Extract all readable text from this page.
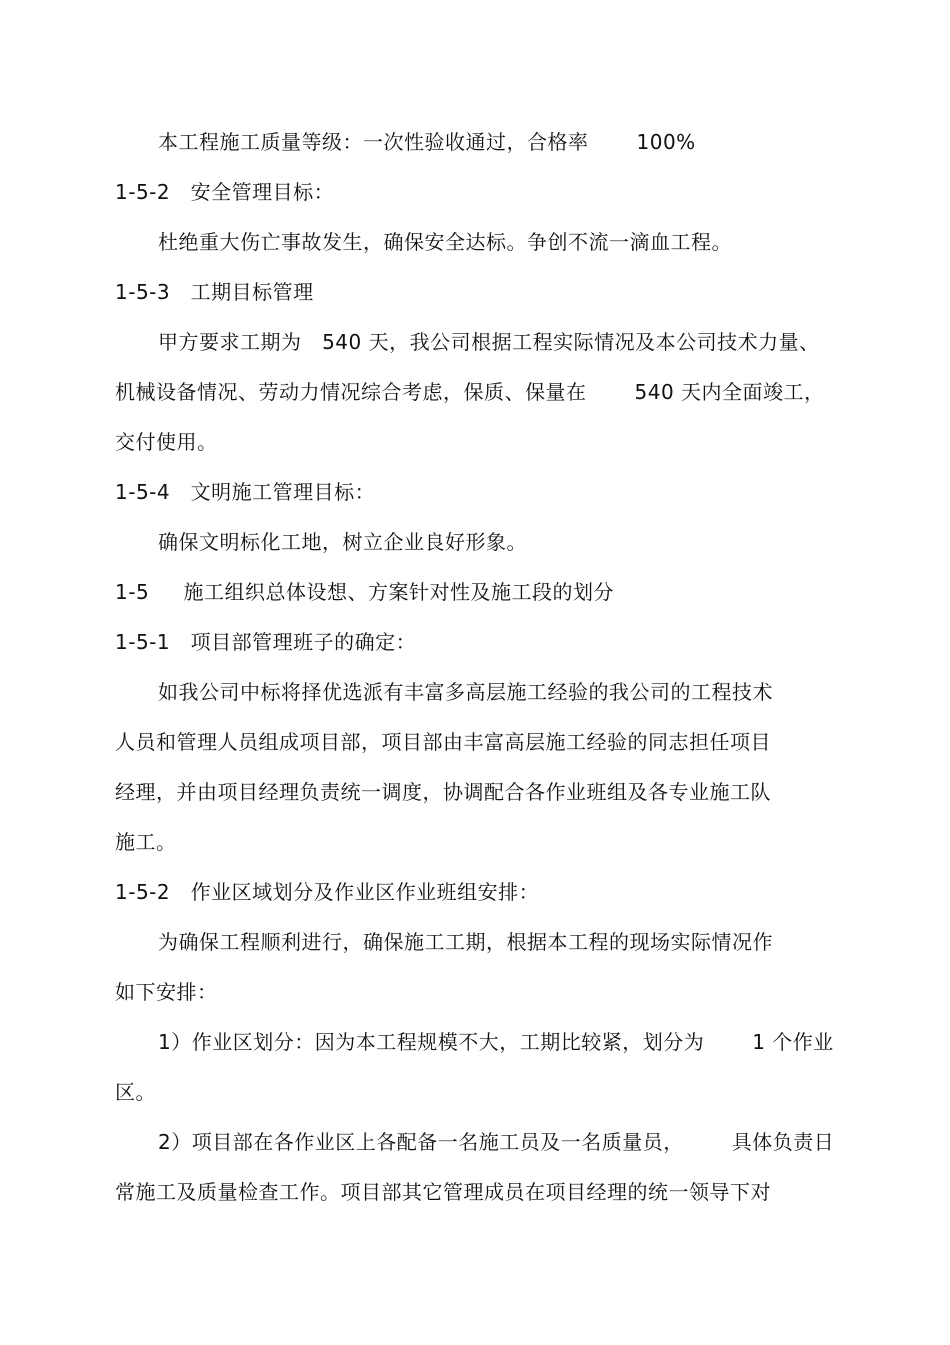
本工程施工质量等级：一次性验收通过，合格率       100%
1-5-2   安全管理目标：
杜绝重大伤亡事故发生，确保安全达标。争创不流一滴血工程。
1-5-3   工期目标管理
甲方要求工期为   540 天，我公司根据工程实际情况及本公司技术力量、
机械设备情况、劳动力情况综合考虑，保质、保量在       540 天内全面竣工，
交付使用。
1-5-4   文明施工管理目标：
确保文明标化工地，树立企业良好形象。
1-5     施工组织总体设想、方案针对性及施工段的划分
1-5-1   项目部管理班子的确定：
如我公司中标将择优选派有丰富多高层施工经验的我公司的工程技术
人员和管理人员组成项目部，项目部由丰富高层施工经验的同志担任项目
经理，并由项目经理负责统一调度，协调配合各作业班组及各专业施工队
施工。
1-5-2   作业区域划分及作业区作业班组安排：
为确保工程顺利进行，确保施工工期，根据本工程的现场实际情况作
如下安排：
1）作业区划分：因为本工程规模不大，工期比较紧，划分为       1 个作业
区。
2）项目部在各作业区上各配备一名施工员及一名质量员，       具体负责日
常施工及质量检查工作。项目部其它管理成员在项目经理的统一领导下对
